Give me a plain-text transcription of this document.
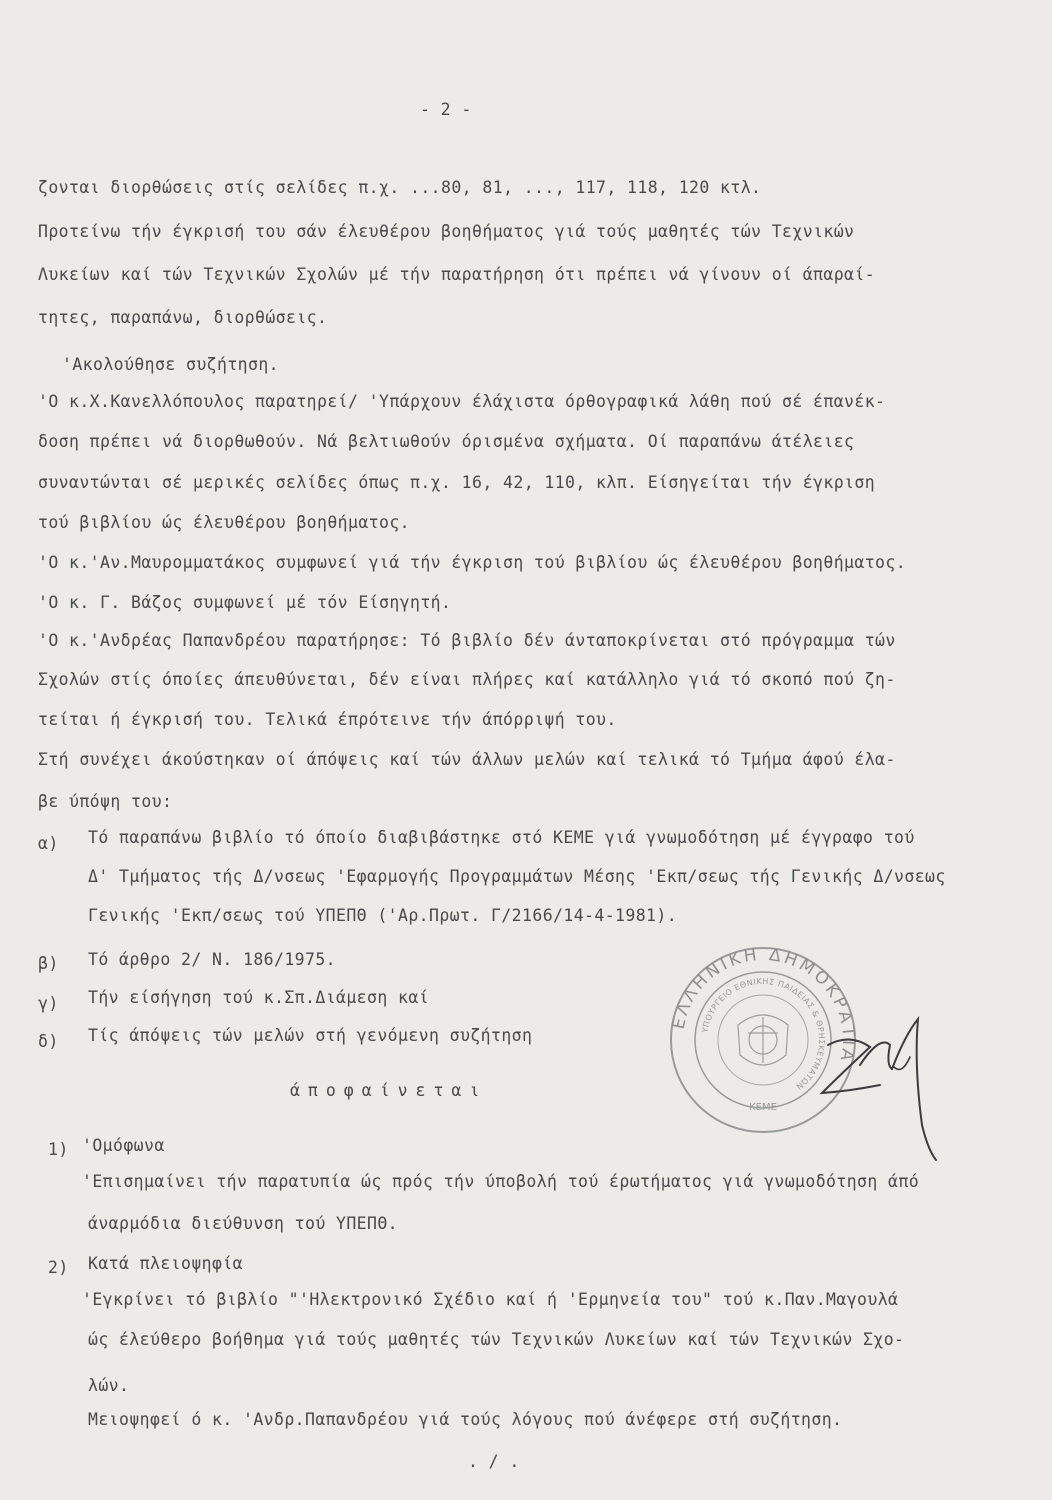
- 2 -
ζονται διορθώσεις στίς σελίδες π.χ. ...80, 81, ..., 117, 118, 120 κτλ.
Προτείνω τήν έγκρισή του σάν έλευθέρου βοηθήματος γιά τούς μαθητές τών Τεχνικών
Λυκείων καί τών Τεχνικών Σχολών μέ τήν παρατήρηση ότι πρέπει νά γίνουν οί άπαραί-
τητες, παραπάνω, διορθώσεις.
'Ακολούθησε συζήτηση.
'Ο κ.Χ.Κανελλόπουλος παρατηρεί/ 'Υπάρχουν έλάχιστα όρθογραφικά λάθη πού σέ έπανέκ-
δοση πρέπει νά διορθωθούν. Νά βελτιωθούν όρισμένα σχήματα. Οί παραπάνω άτέλειες
συναντώνται σέ μερικές σελίδες όπως π.χ. 16, 42, 110, κλπ. Είσηγείται τήν έγκριση
τού βιβλίου ώς έλευθέρου βοηθήματος.
'Ο κ.'Αν.Μαυρομματάκος συμφωνεί γιά τήν έγκριση τού βιβλίου ώς έλευθέρου βοηθήματος.
'Ο κ. Γ. Βάζος συμφωνεί μέ τόν Είσηγητή.
'Ο κ.'Ανδρέας Παπανδρέου παρατήρησε: Τό βιβλίο δέν άνταποκρίνεται στό πρόγραμμα τών
Σχολών στίς όποίες άπευθύνεται, δέν είναι πλήρες καί κατάλληλο γιά τό σκοπό πού ζη-
τείται ή έγκρισή του. Τελικά έπρότεινε τήν άπόρριψή του.
Στή συνέχει άκούστηκαν οί άπόψεις καί τών άλλων μελών καί τελικά τό Τμήμα άφού έλα-
βε ύπόψη του:
α) Τό παραπάνω βιβλίο τό όποίο διαβιβάστηκε στό ΚΕΜΕ γιά γνωμοδότηση μέ έγγραφο τού
Δ' Τμήματος τής Δ/νσεως 'Εφαρμογής Προγραμμάτων Μέσης 'Εκπ/σεως τής Γενικής Δ/νσεως
Γενικής 'Εκπ/σεως τού ΥΠΕΠΘ ('Αρ.Πρωτ. Γ/2166/14-4-1981).
β) Τό άρθρο 2/ Ν. 186/1975.
γ) Τήν είσήγηση τού κ.Σπ.Διάμεση καί
δ) Τίς άπόψεις τών μελών στή γενόμενη συζήτηση
άποφαίνεται
1) 'Ομόφωνα
'Επισημαίνει τήν παρατυπία ώς πρός τήν ύποβολή τού έρωτήματος γιά γνωμοδότηση άπό
άναρμόδια διεύθυνση τού ΥΠΕΠΘ.
2) Κατά πλειοψηφία
'Εγκρίνει τό βιβλίο "'Ηλεκτρονικό Σχέδιο καί ή 'Ερμηνεία του" τού κ.Παν.Μαγουλά
ώς έλεύθερο βοήθημα γιά τούς μαθητές τών Τεχνικών Λυκείων καί τών Τεχνικών Σχο-
λών.
Μειοψηφεί ό κ. 'Ανδρ.Παπανδρέου γιά τούς λόγους πού άνέφερε στή συζήτηση.
. / .
ΕΛΛΗΝΙΚΗ ΔΗΜΟΚΡΑΤΙΑ
ΥΠΟΥΡΓΕΙΟ ΕΘΝΙΚΗΣ ΠΑΙΔΕΙΑΣ & ΘΡΗΣΚΕΥΜΑΤΩΝ
ΚΕΜΕ
